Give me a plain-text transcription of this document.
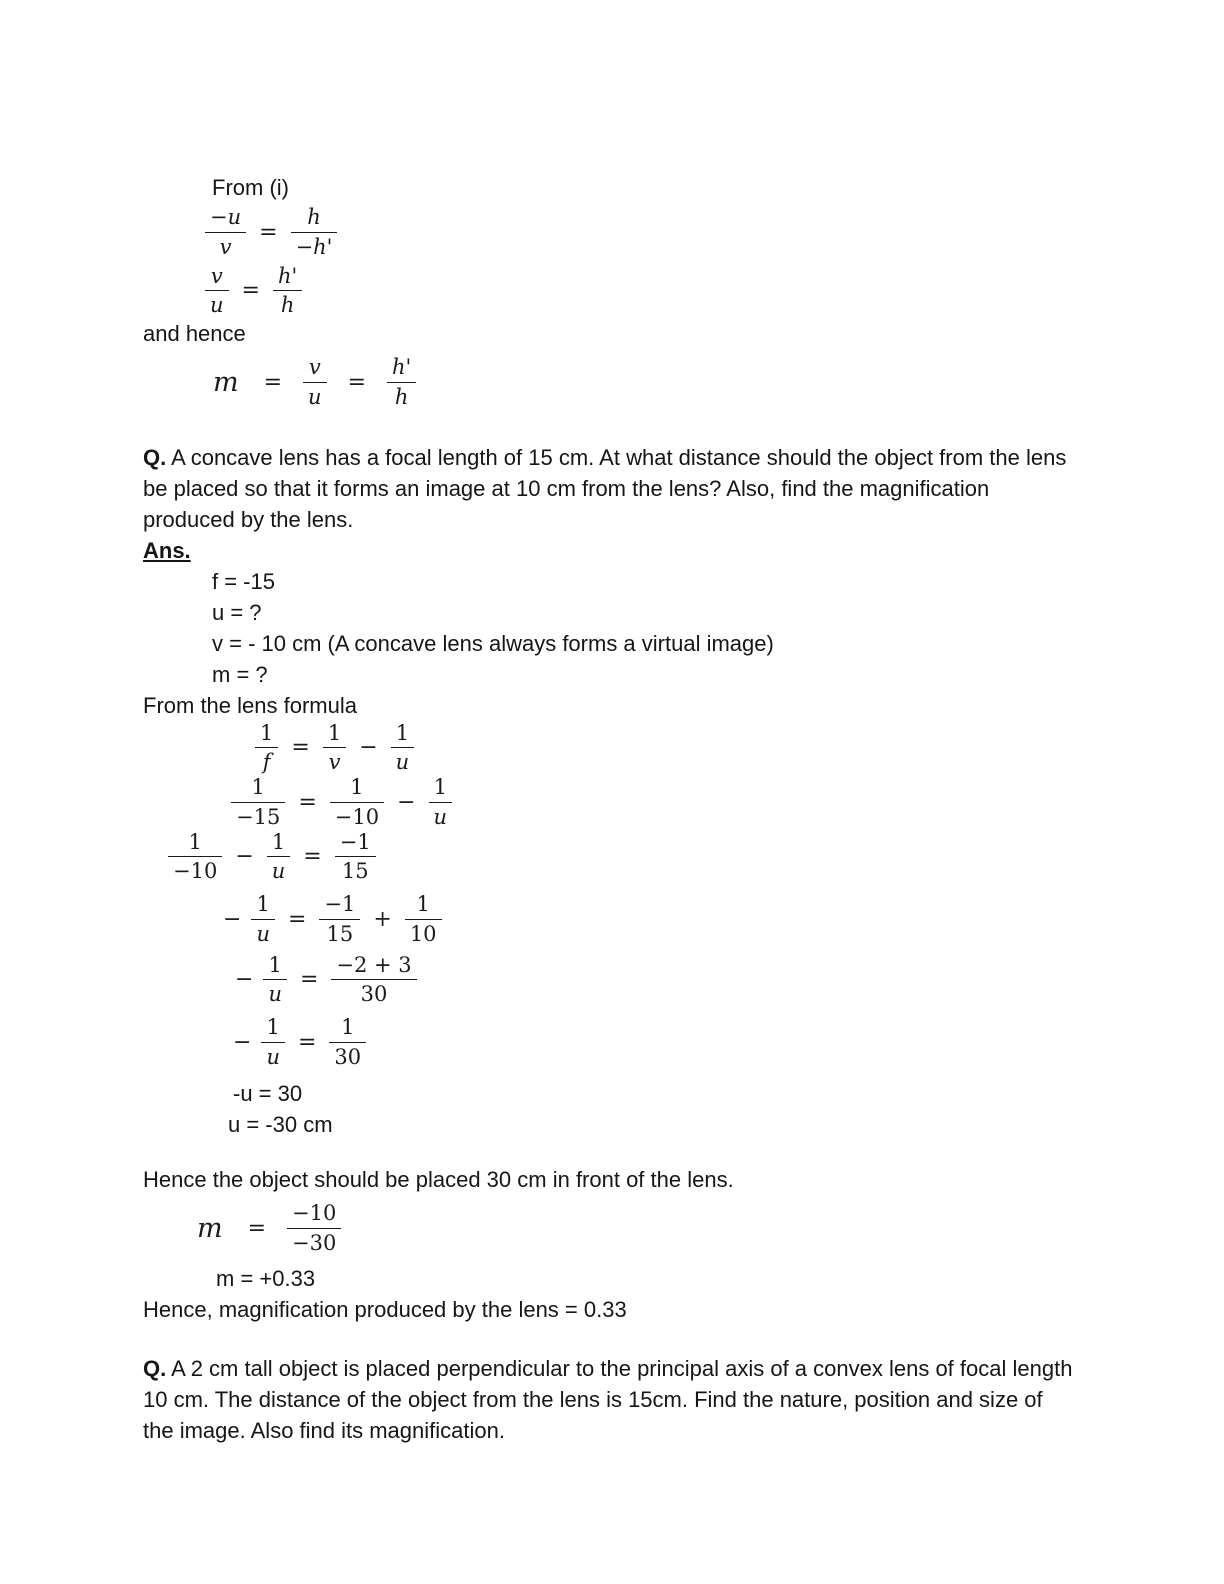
From (i)

$\frac{-u}{v} = \frac{h}{-h'}$
$\frac{v}{u} = \frac{h'}{h}$

and hence

$m = \frac{v}{u} = \frac{h'}{h}$

Q. A concave lens has a focal length of 15 cm. At what distance should the object from the lens be placed so that it forms an image at 10 cm from the lens? Also, find the magnification produced by the lens.

Ans.

f = -15

u = ?

v = - 10 cm (A concave lens always forms a virtual image)

m = ?

From the lens formula

$\frac{1}{f} = \frac{1}{v} - \frac{1}{u}$
$\frac{1}{-15} = \frac{1}{-10} - \frac{1}{u}$
$\frac{1}{-10} - \frac{1}{u} = \frac{-1}{15}$
− $\frac{1}{u} = \frac{-1}{15} + \frac{1}{10}$
− $\frac{1}{u} = \frac{-2 + 3}{30}$
− $\frac{1}{u} = \frac{1}{30}$

-u = 30

u = -30 cm

Hence the object should be placed 30 cm in front of the lens.

$m = \frac{-10}{-30}$

m = +0.33

Hence, magnification produced by the lens = 0.33

Q. A 2 cm tall object is placed perpendicular to the principal axis of a convex lens of focal length 10 cm. The distance of the object from the lens is 15cm. Find the nature, position and size of the image. Also find its magnification.
